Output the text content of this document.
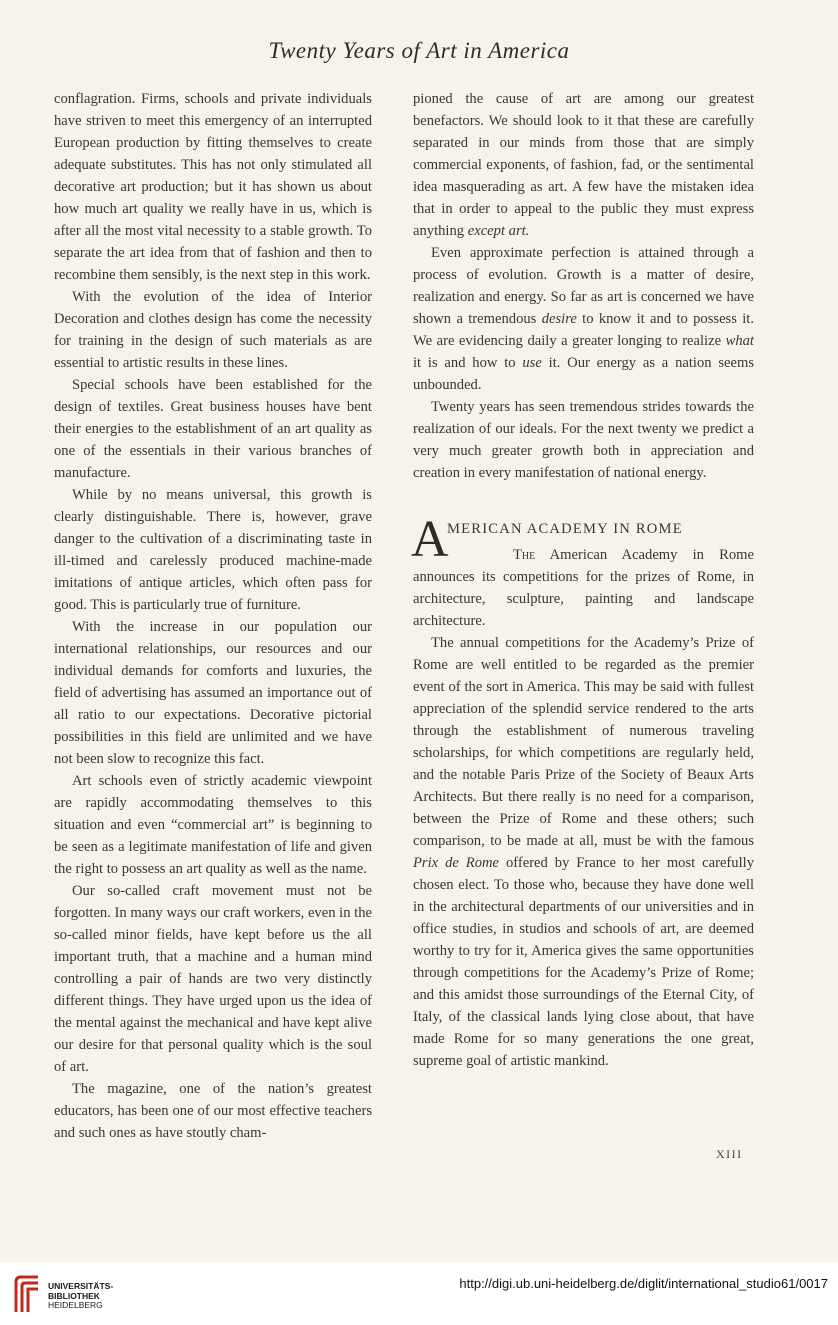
Twenty Years of Art in America

conflagration. Firms, schools and private individuals have striven to meet this emergency of an interrupted European production by fitting themselves to create adequate substitutes. This has not only stimulated all decorative art production; but it has shown us about how much art quality we really have in us, which is after all the most vital necessity to a stable growth. To separate the art idea from that of fashion and then to recombine them sensibly, is the next step in this work.

With the evolution of the idea of Interior Decoration and clothes design has come the necessity for training in the design of such materials as are essential to artistic results in these lines.

Special schools have been established for the design of textiles. Great business houses have bent their energies to the establishment of an art quality as one of the essentials in their various branches of manufacture.

While by no means universal, this growth is clearly distinguishable. There is, however, grave danger to the cultivation of a discriminating taste in ill-timed and carelessly produced machine-made imitations of antique articles, which often pass for good. This is particularly true of furniture.

With the increase in our population our international relationships, our resources and our individual demands for comforts and luxuries, the field of advertising has assumed an importance out of all ratio to our expectations. Decorative pictorial possibilities in this field are unlimited and we have not been slow to recognize this fact.

Art schools even of strictly academic viewpoint are rapidly accommodating themselves to this situation and even “commercial art” is beginning to be seen as a legitimate manifestation of life and given the right to possess an art quality as well as the name.

Our so-called craft movement must not be forgotten. In many ways our craft workers, even in the so-called minor fields, have kept before us the all important truth, that a machine and a human mind controlling a pair of hands are two very distinctly different things. They have urged upon us the idea of the mental against the mechanical and have kept alive our desire for that personal quality which is the soul of art.

The magazine, one of the nation’s greatest educators, has been one of our most effective teachers and such ones as have stoutly cham-

pioned the cause of art are among our greatest benefactors. We should look to it that these are carefully separated in our minds from those that are simply commercial exponents, of fashion, fad, or the sentimental idea masquerading as art. A few have the mistaken idea that in order to appeal to the public they must express anything except art.

Even approximate perfection is attained through a process of evolution. Growth is a matter of desire, realization and energy. So far as art is concerned we have shown a tremendous desire to know it and to possess it. We are evidencing daily a greater longing to realize what it is and how to use it. Our energy as a nation seems unbounded.

Twenty years has seen tremendous strides towards the realization of our ideals. For the next twenty we predict a very much greater growth both in appreciation and creation in every manifestation of national energy.

A
MERICAN ACADEMY IN ROME

The American Academy in Rome announces its competitions for the prizes of Rome, in architecture, sculpture, painting and landscape architecture.

The annual competitions for the Academy’s Prize of Rome are well entitled to be regarded as the premier event of the sort in America. This may be said with fullest appreciation of the splendid service rendered to the arts through the establishment of numerous traveling scholarships, for which competitions are regularly held, and the notable Paris Prize of the Society of Beaux Arts Architects. But there really is no need for a comparison, between the Prize of Rome and these others; such comparison, to be made at all, must be with the famous Prix de Rome offered by France to her most carefully chosen elect. To those who, because they have done well in the architectural departments of our universities and in office studies, in studios and schools of art, are deemed worthy to try for it, America gives the same opportunities through competitions for the Academy’s Prize of Rome; and this amidst those surroundings of the Eternal City, of Italy, of the classical lands lying close about, that have made Rome for so many generations the one great, supreme goal of artistic mankind.

XIII
UNIVERSITÄTS-
BIBLIOTHEK
HEIDELBERG
http://digi.ub.uni-heidelberg.de/diglit/international_studio61/0017
